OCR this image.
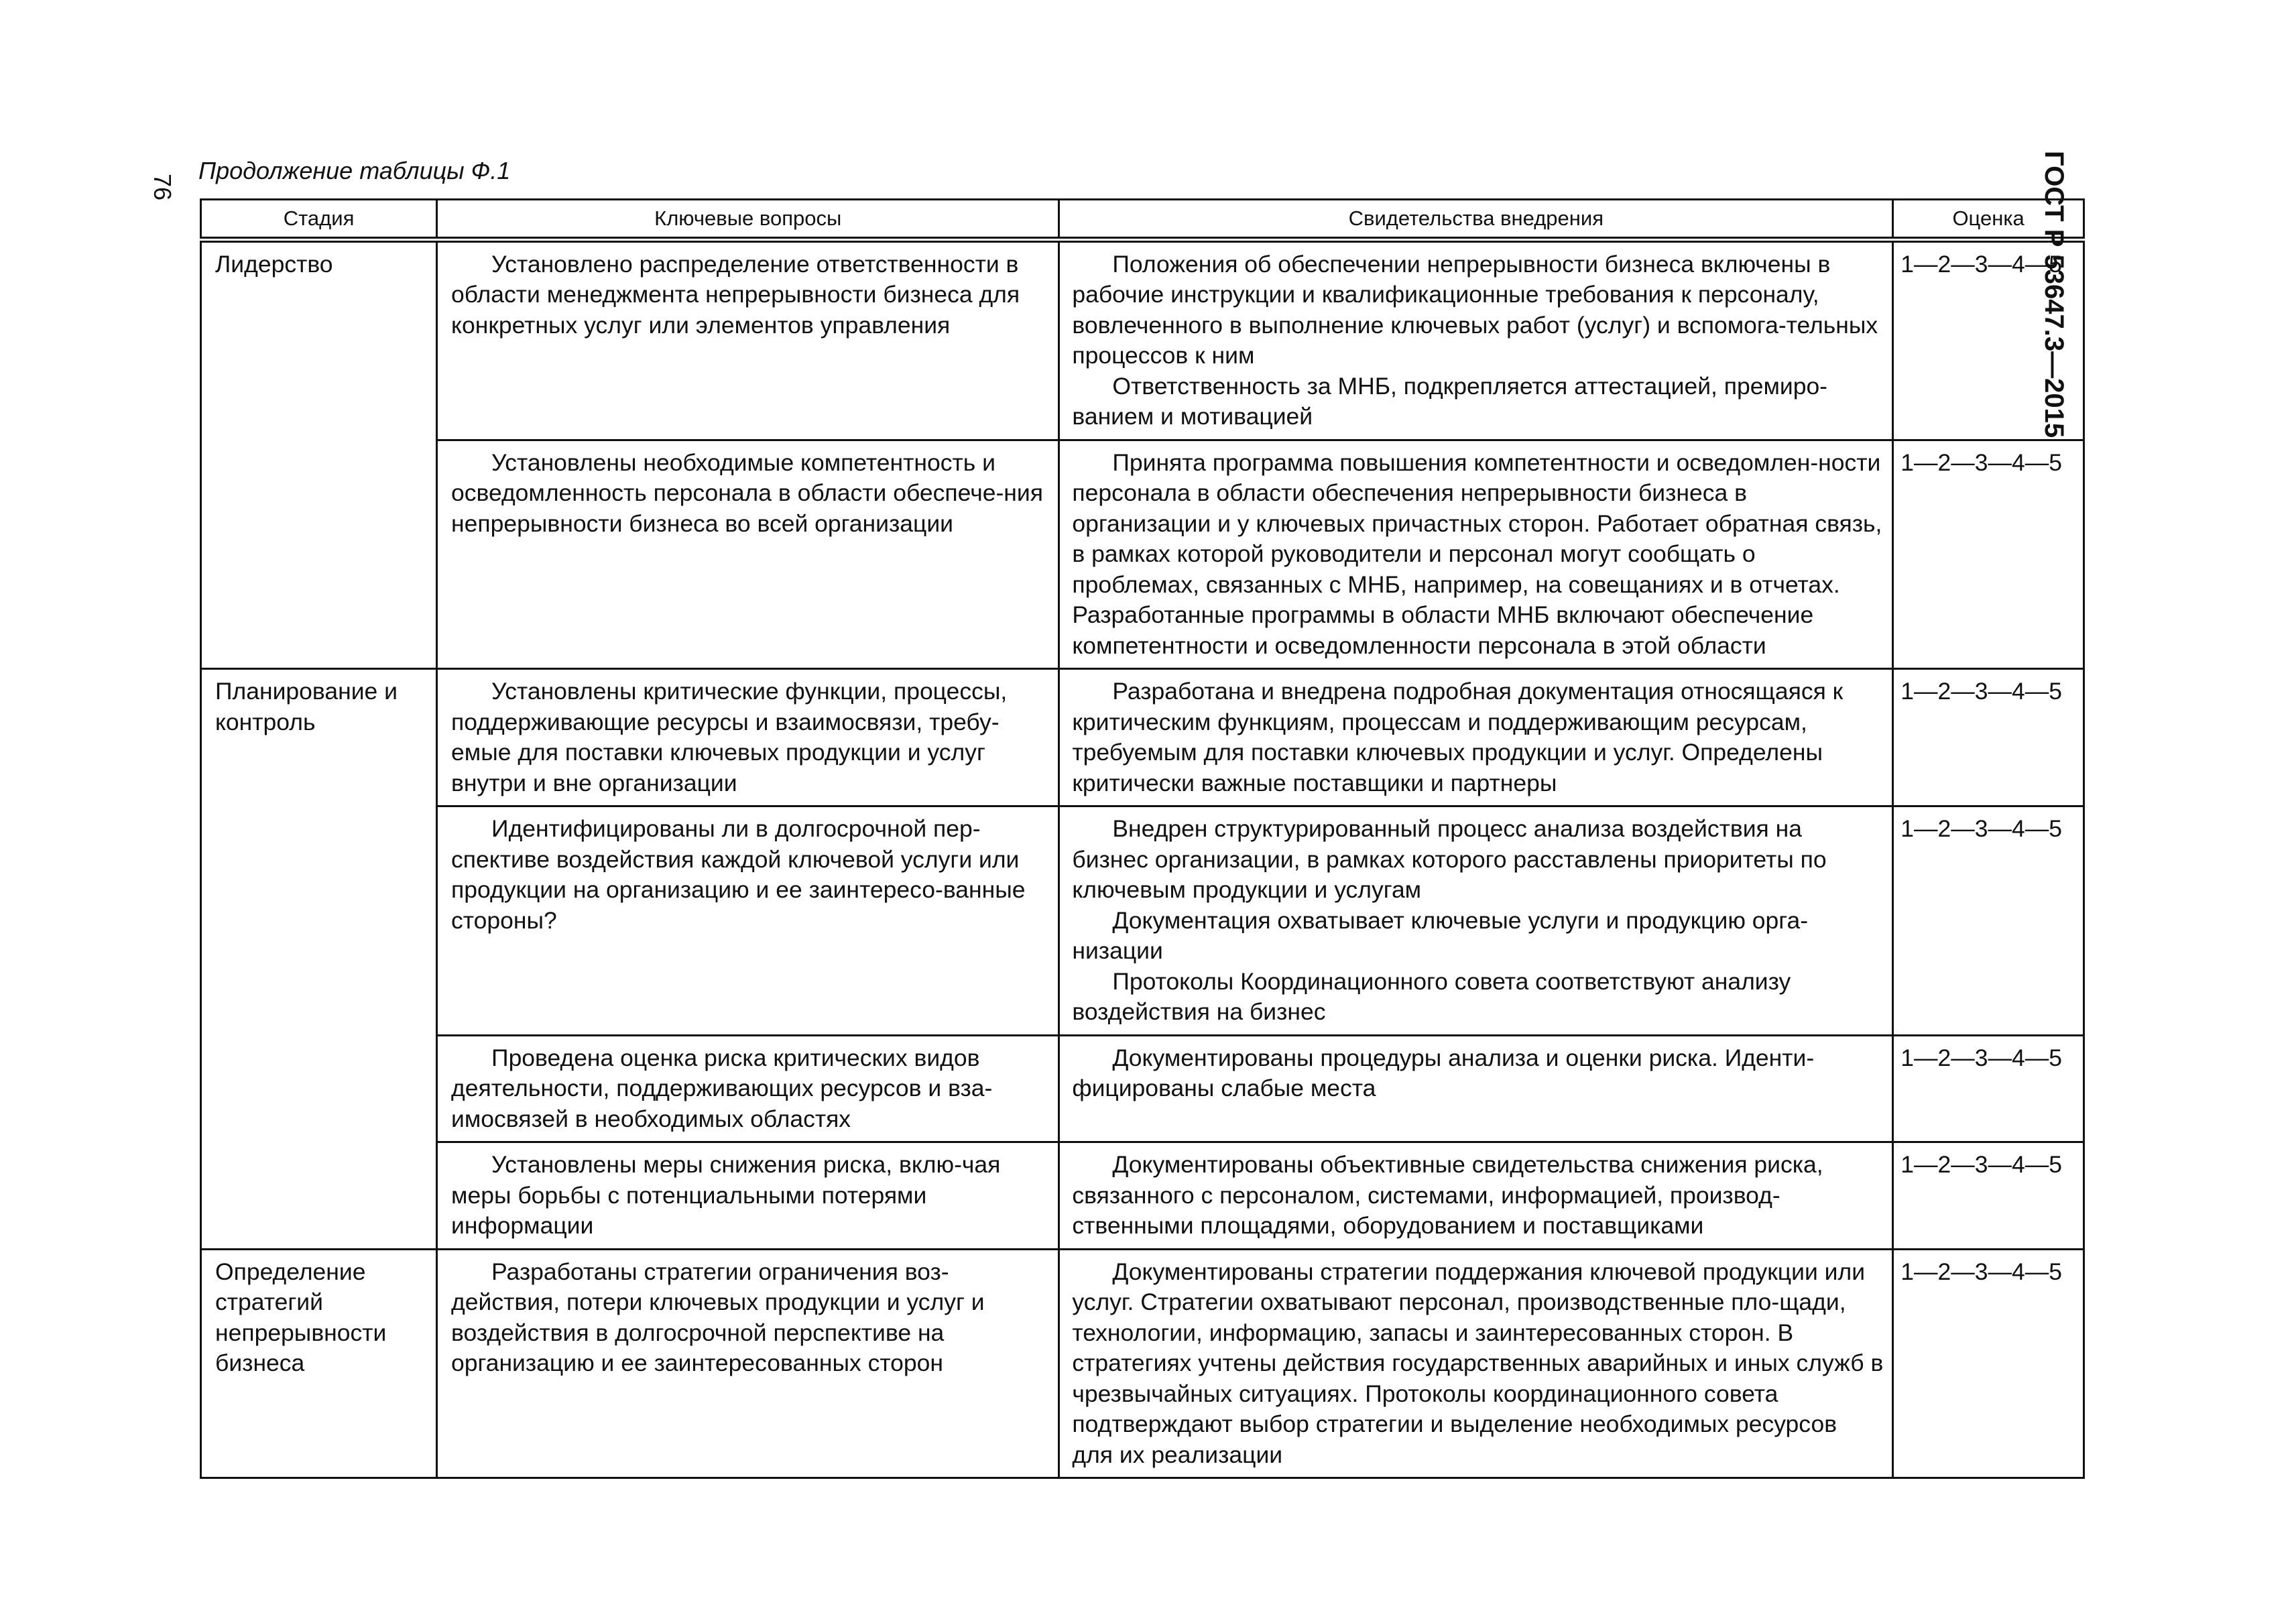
76
Продолжение таблицы Ф.1	ГОСТ Р 53647.3—2015
Стадия	Ключевые вопросы	Свидетельства внедрения	Оценка

Лидерство	Установлено распределение ответственности в области менеджмента непрерывности бизнеса для конкретных услуг или элементов управления	Положения об обеспечении непрерывности бизнеса включены в рабочие инструкции и квалификационные требования к персоналу, вовлеченного в выполнение ключевых работ (услуг) и вспомога-тельных процессов к ним
Ответственность за МНБ, подкрепляется аттестацией, премиро-ванием и мотивацией	1—2—3—4—5

	Установлены необходимые компетентность и осведомленность персонала в области обеспече-ния непрерывности бизнеса во всей организации	Принята программа повышения компетентности и осведомлен-ности персонала в области обеспечения непрерывности бизнеса в организации и у ключевых причастных сторон. Работает обратная связь, в рамках которой руководители и персонал могут сообщать о проблемах, связанных с МНБ, например, на совещаниях и в отчетах. Разработанные программы в области МНБ включают обеспечение компетентности и осведомленности персонала в этой области	1—2—3—4—5

Планирование и контроль	Установлены критические функции, процессы, поддерживающие ресурсы и взаимосвязи, требу-емые для поставки ключевых продукции и услуг внутри и вне организации	Разработана и внедрена подробная документация относящаяся к критическим функциям, процессам и поддерживающим ресурсам, требуемым для поставки ключевых продукции и услуг. Определены критически важные поставщики и партнеры	1—2—3—4—5

	Идентифицированы ли в долгосрочной пер-спективе воздействия каждой ключевой услуги или продукции на организацию и ее заинтересо-ванные стороны?	Внедрен структурированный процесс анализа воздействия на бизнес организации, в рамках которого расставлены приоритеты по ключевым продукции и услугам
Документация охватывает ключевые услуги и продукцию орга-низации
Протоколы Координационного совета соответствуют анализу воздействия на бизнес	1—2—3—4—5

	Проведена оценка риска критических видов деятельности, поддерживающих ресурсов и вза-имосвязей в необходимых областях	Документированы процедуры анализа и оценки риска. Иденти-фицированы слабые места	1—2—3—4—5

	Установлены меры снижения риска, вклю-чая меры борьбы с потенциальными потерями информации	Документированы объективные свидетельства снижения риска, связанного с персоналом, системами, информацией, производ-ственными площадями, оборудованием и поставщиками	1—2—3—4—5

Определение стратегий непрерывности бизнеса	Разработаны стратегии ограничения воз-действия, потери ключевых продукции и услуг и воздействия в долгосрочной перспективе на организацию и ее заинтересованных сторон	Документированы стратегии поддержания ключевой продукции или услуг. Стратегии охватывают персонал, производственные пло-щади, технологии, информацию, запасы и заинтересованных сторон. В стратегиях учтены действия государственных аварийных и иных служб в чрезвычайных ситуациях. Протоколы координационного совета подтверждают выбор стратегии и выделение необходимых ресурсов для их реализации	1—2—3—4—5
